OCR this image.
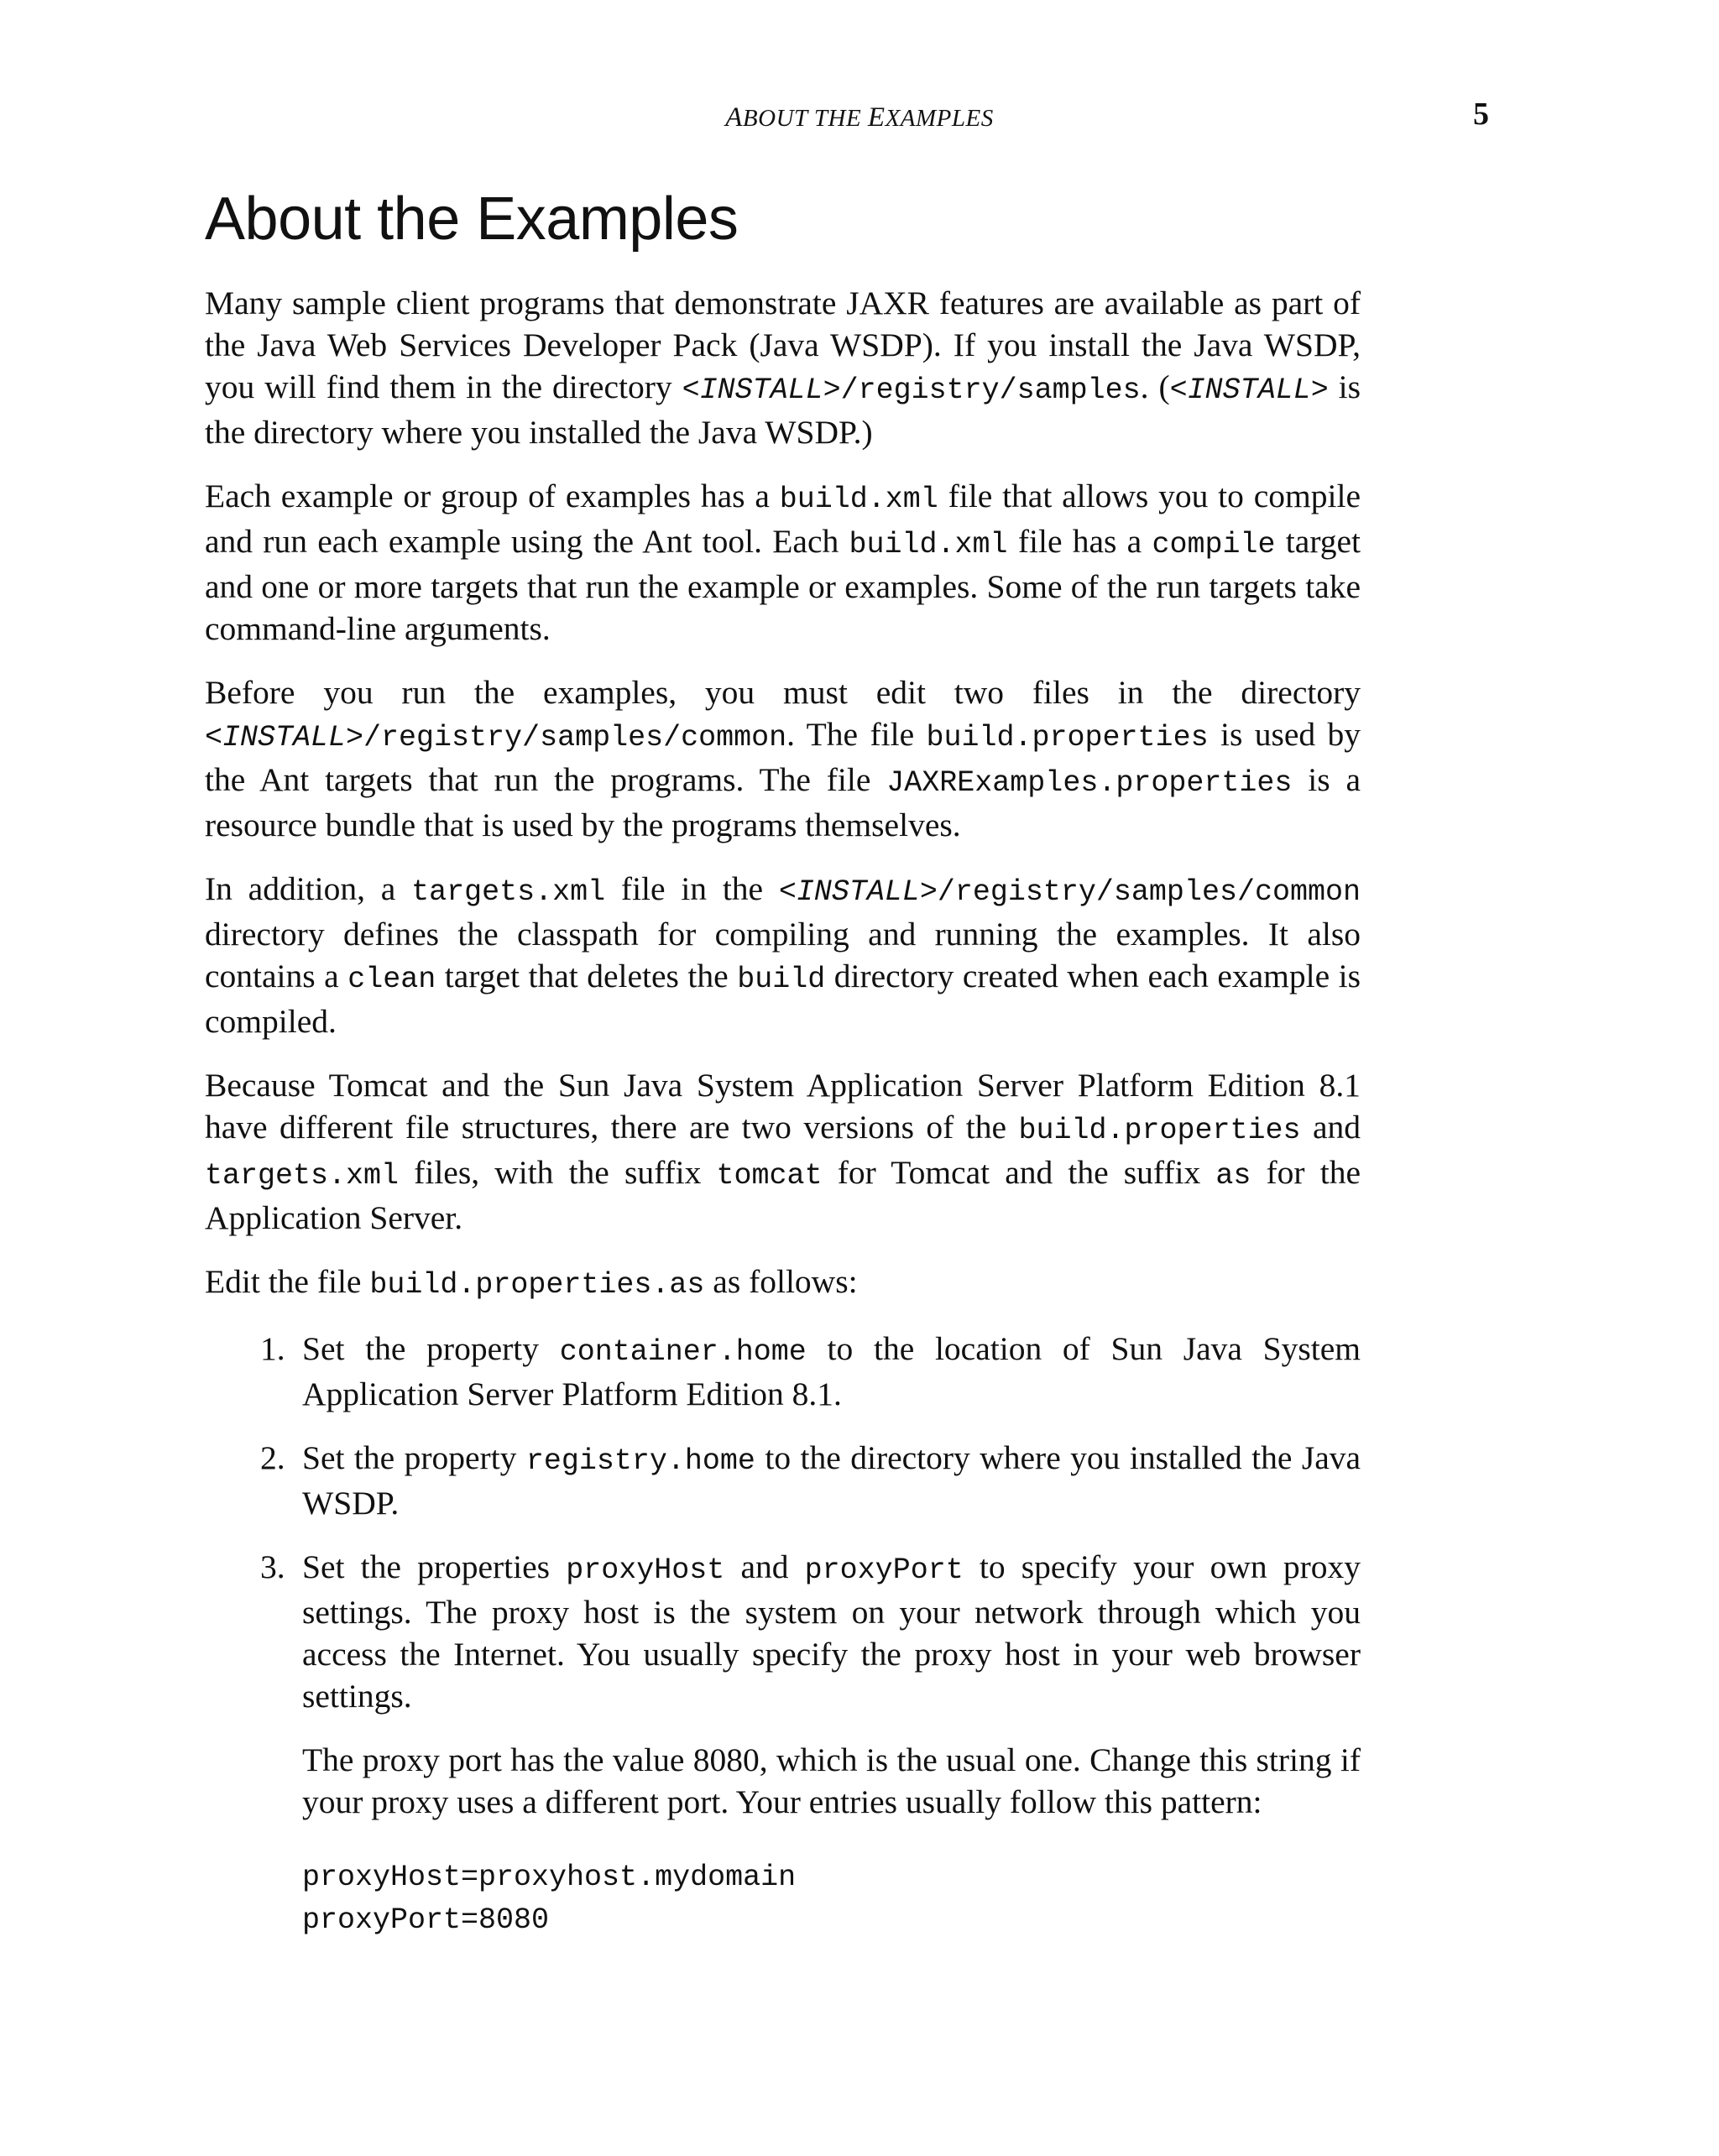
ABOUT THE EXAMPLES	5
About the Examples

Many sample client programs that demonstrate JAXR features are available as part of the Java Web Services Developer Pack (Java WSDP). If you install the Java WSDP, you will find them in the directory <INSTALL>/registry/samples. (<INSTALL> is the directory where you installed the Java WSDP.)

Each example or group of examples has a build.xml file that allows you to compile and run each example using the Ant tool. Each build.xml file has a compile target and one or more targets that run the example or examples. Some of the run targets take command-line arguments.

Before you run the examples, you must edit two files in the directory <INSTALL>/registry/samples/common. The file build.properties is used by the Ant targets that run the programs. The file JAXRExamples.properties is a resource bundle that is used by the programs themselves.

In addition, a targets.xml file in the <INSTALL>/registry/samples/common directory defines the classpath for compiling and running the examples. It also contains a clean target that deletes the build directory created when each example is compiled.

Because Tomcat and the Sun Java System Application Server Platform Edition 8.1 have different file structures, there are two versions of the build.properties and targets.xml files, with the suffix tomcat for Tomcat and the suffix as for the Application Server.

Edit the file build.properties.as as follows:

1. Set the property container.home to the location of Sun Java System Application Server Platform Edition 8.1.

2. Set the property registry.home to the directory where you installed the Java WSDP.

3. Set the properties proxyHost and proxyPort to specify your own proxy settings. The proxy host is the system on your network through which you access the Internet. You usually specify the proxy host in your web browser settings.

The proxy port has the value 8080, which is the usual one. Change this string if your proxy uses a different port. Your entries usually follow this pattern:

proxyHost=proxyhost.mydomain
proxyPort=8080
